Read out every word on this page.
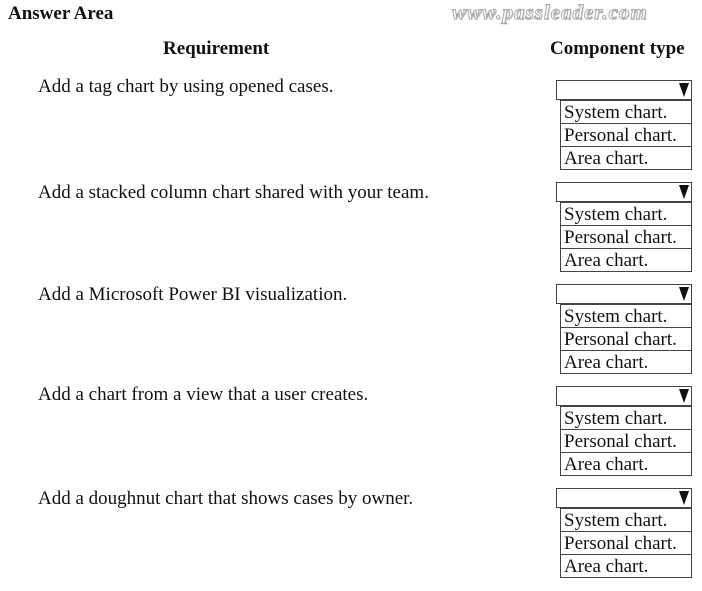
Answer Area	www.passleader.com
Requirement	Component type
Add a tag chart by using opened cases.
System chart.
Personal chart.
Area chart.
Add a stacked column chart shared with your team.
System chart.
Personal chart.
Area chart.
Add a Microsoft Power BI visualization.
System chart.
Personal chart.
Area chart.
Add a chart from a view that a user creates.
System chart.
Personal chart.
Area chart.
Add a doughnut chart that shows cases by owner.
System chart.
Personal chart.
Area chart.
